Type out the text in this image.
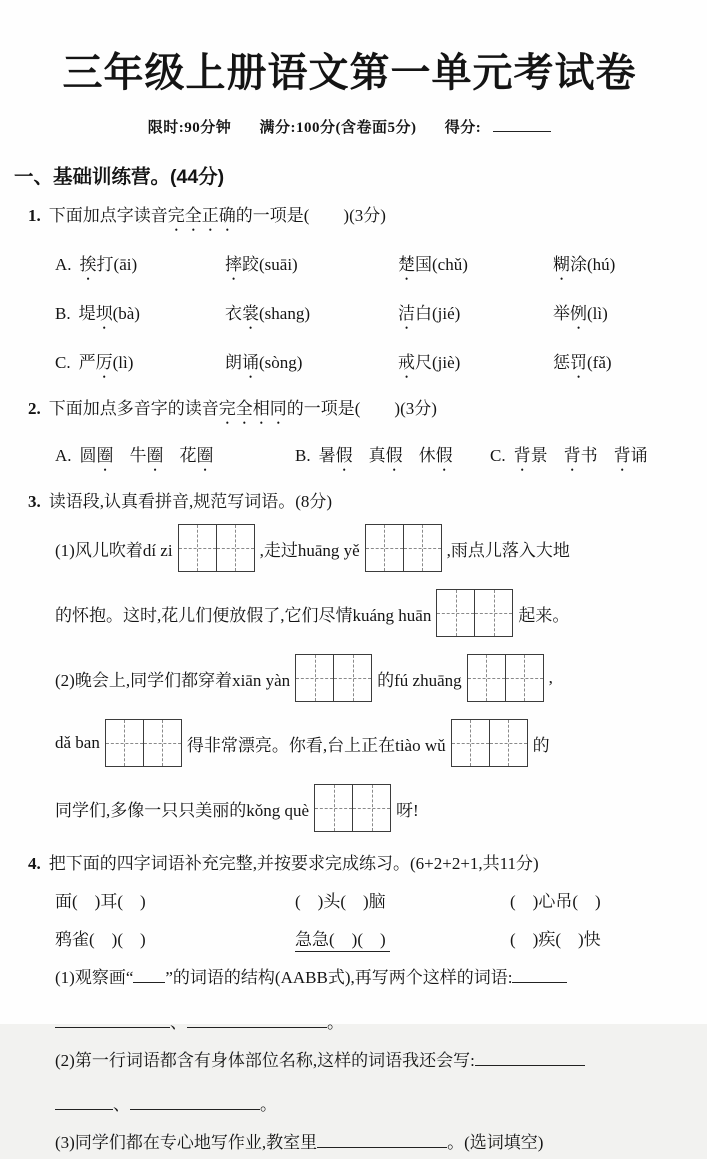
三年级上册语文第一单元考试卷
限时:90分钟 满分:100分(含卷面5分) 得分:
一、基础训练营。(44分)
1. 下面加点字读音完全正确的一项是(　　)(3分)
A. 挨打(āi)	摔跤(suāi)	楚国(chǔ)	糊涂(hú)
B. 堤坝(bà)	衣裳(shang)	洁白(jié)	举例(lì)
C. 严厉(lì)	朗诵(sòng)	戒尺(jiè)	惩罚(fǎ)
2. 下面加点多音字的读音完全相同的一项是(　　)(3分)
A. 圆圈 牛圈 花圈	B. 暑假 真假 休假	C. 背景 背书 背诵
3. 读语段,认真看拼音,规范写词语。(8分)
(1)风儿吹着dí zi	,走过huāng yě	,雨点儿落入大地
的怀抱。这时,花儿们便放假了,它们尽情kuáng huān	起来。
(2)晚会上,同学们都穿着xiān yàn	的fú zhuāng	,
dǎ ban	得非常漂亮。你看,台上正在tiào wǔ	的
同学们,多像一只只美丽的kǒng què	呀!
4. 把下面的四字词语补充完整,并按要求完成练习。(6+2+2+1,共11分)
面(　)耳(　)	(　)头(　)脑	(　)心吊(　)
鸦雀(　)(　)	急急(　)(　)	(　)疾(　)快
(1)观察画“ ”的词语的结构(AABB式),再写两个这样的词语:
、	。
(2)第一行词语都含有身体部位名称,这样的词语我还会写:
、	。
(3)同学们都在专心地写作业,教室里	。(选词填空)
